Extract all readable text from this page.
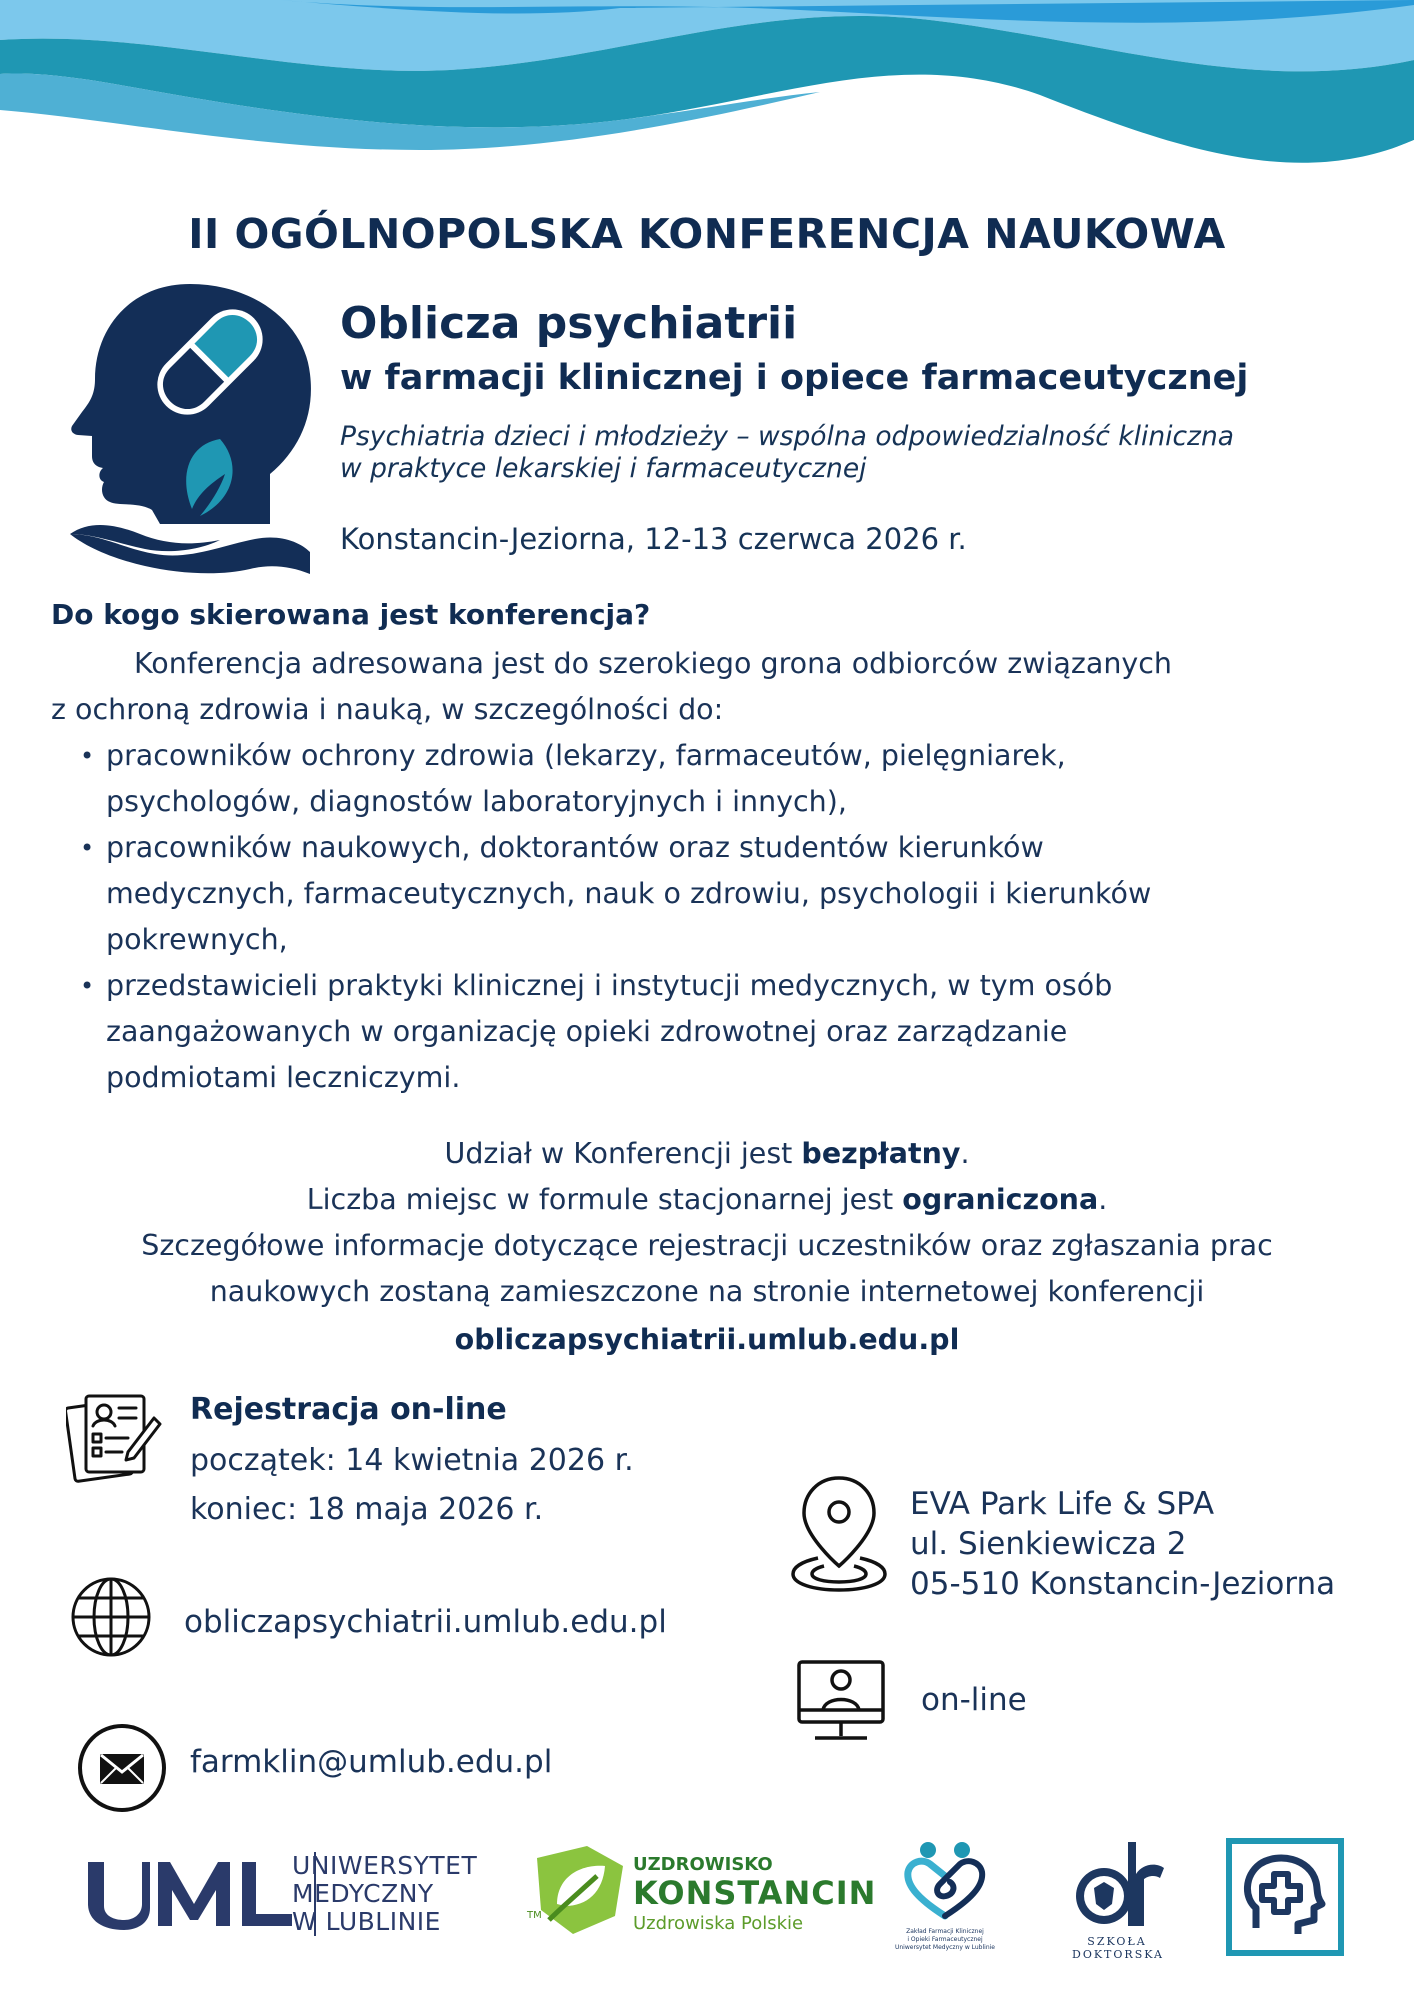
II OGÓLNOPOLSKA KONFERENCJA NAUKOWA
Oblicza psychiatrii
w farmacji klinicznej i opiece farmaceutycznej
Psychiatria dzieci i młodzieży – wspólna odpowiedzialność kliniczna
w praktyce lekarskiej i farmaceutycznej
Konstancin-Jeziorna, 12-13 czerwca 2026 r.
Do kogo skierowana jest konferencja?
Konferencja adresowana jest do szerokiego grona odbiorców związanych
z ochroną zdrowia i nauką, w szczególności do:
• pracowników ochrony zdrowia (lekarzy, farmaceutów, pielęgniarek,
psychologów, diagnostów laboratoryjnych i innych),
• pracowników naukowych, doktorantów oraz studentów kierunków
medycznych, farmaceutycznych, nauk o zdrowiu, psychologii i kierunków
pokrewnych,
• przedstawicieli praktyki klinicznej i instytucji medycznych, w tym osób
zaangażowanych w organizację opieki zdrowotnej oraz zarządzanie
podmiotami leczniczymi.
Udział w Konferencji jest bezpłatny.
Liczba miejsc w formule stacjonarnej jest ograniczona.
Szczegółowe informacje dotyczące rejestracji uczestników oraz zgłaszania prac
naukowych zostaną zamieszczone na stronie internetowej konferencji
obliczapsychiatrii.umlub.edu.pl
Rejestracja on-line
początek: 14 kwietnia 2026 r.
koniec: 18 maja 2026 r.
obliczapsychiatrii.umlub.edu.pl
farmklin@umlub.edu.pl
EVA Park Life & SPA
ul. Sienkiewicza 2
05-510 Konstancin-Jeziorna
on-line
UNIWERSYTET
MEDYCZNY
W LUBLINIE	TM
UZDROWISKO
KONSTANCIN
Uzdrowiska Polskie	Zakład Farmacji Klinicznej
i Opieki Farmaceutycznej
Uniwersytet Medyczny w Lublinie	SZKOŁA
DOKTORSKA
